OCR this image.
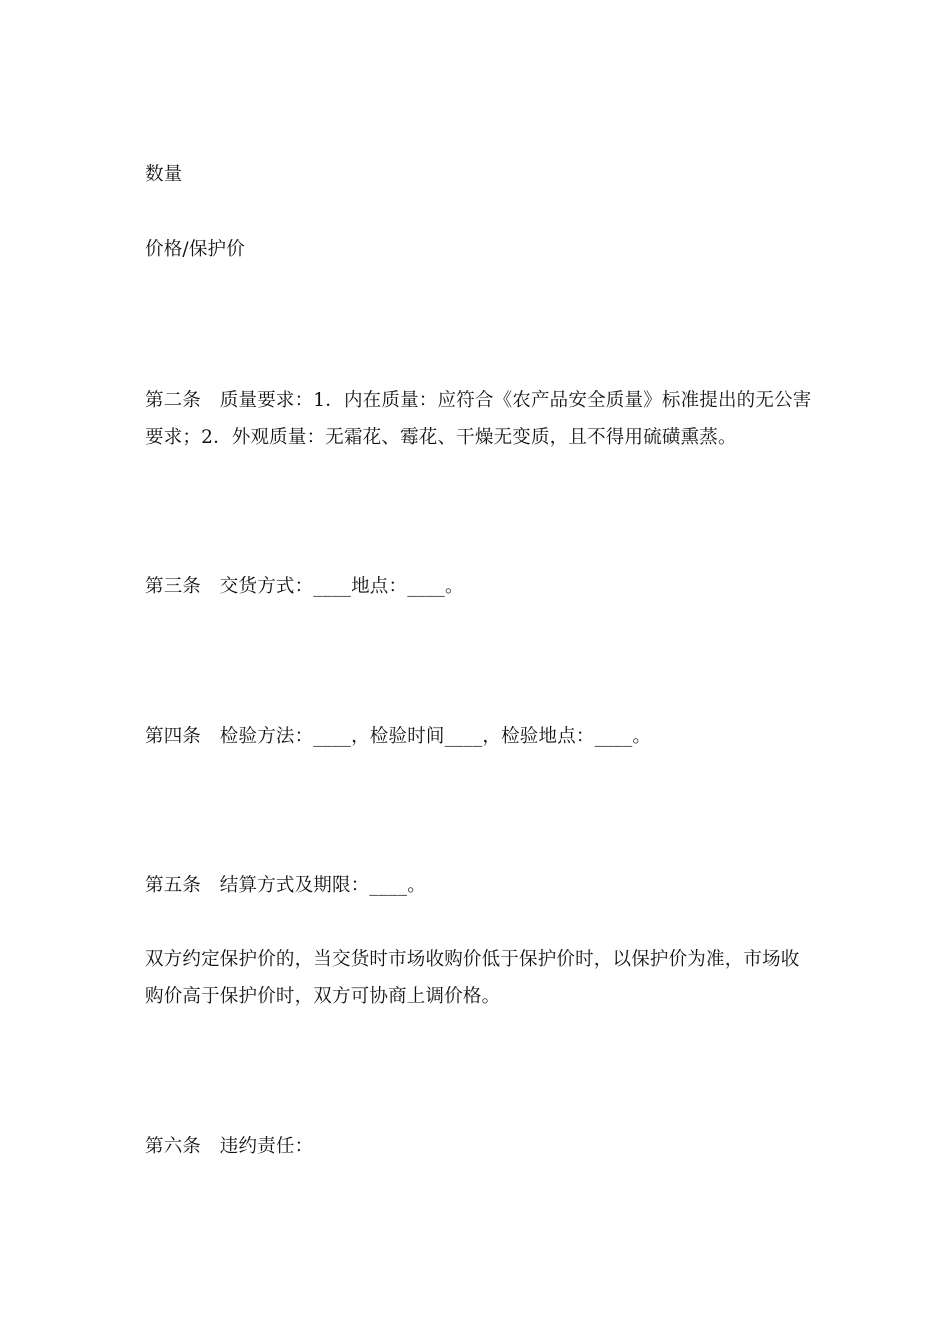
数量
价格/保护价
第二条　质量要求：1．内在质量：应符合《农产品安全质量》标准提出的无公害要求；2．外观质量：无霜花、霉花、干燥无变质，且不得用硫磺熏蒸。
第三条　交货方式：____地点：____。
第四条　检验方法：____，检验时间____，检验地点：____。
第五条　结算方式及期限：____。
双方约定保护价的，当交货时市场收购价低于保护价时，以保护价为准，市场收购价高于保护价时，双方可协商上调价格。
第六条　违约责任：
